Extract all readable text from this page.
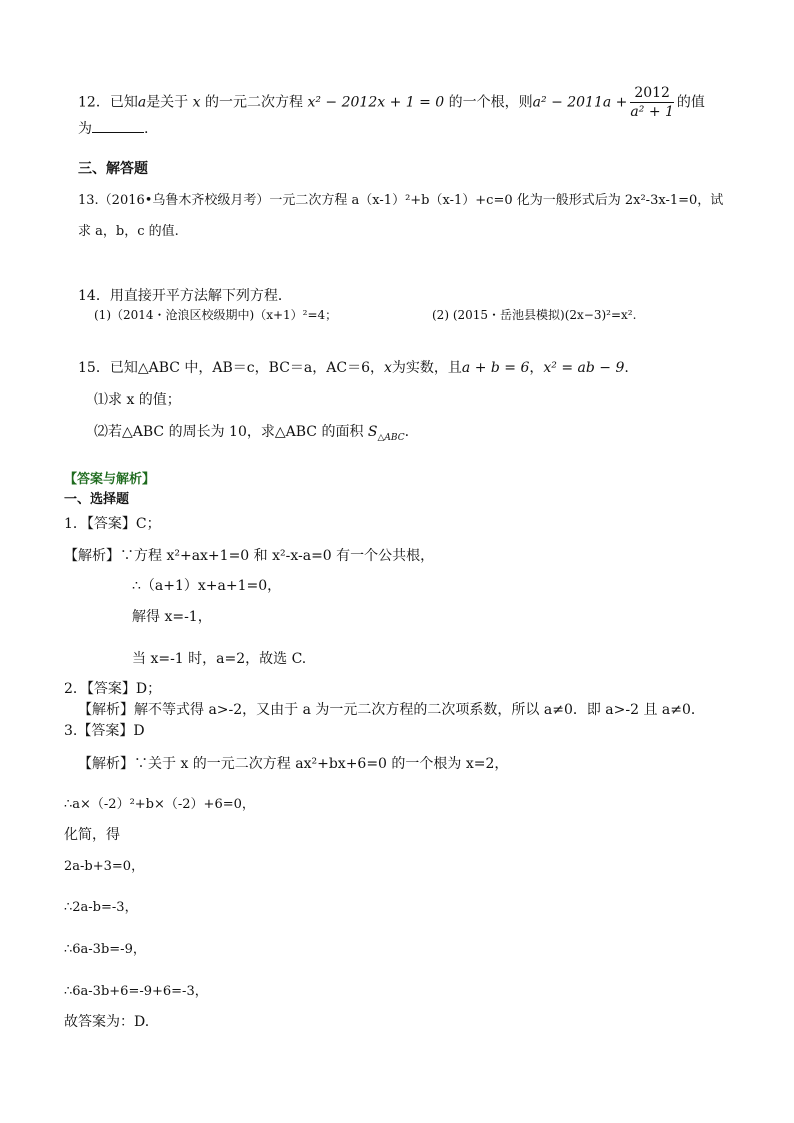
12．已知a是关于 x 的一元二次方程 x² − 2012x + 1 = 0 的一个根，则$a^2 - 2011a + \frac{2012}{\text{a² + 1}}$ 的值
为	.
三、解答题
13.（2016•乌鲁木齐校级月考）一元二次方程 a（x-1）²+b（x-1）+c=0 化为一般形式后为 2x²-3x-1=0，试
求 a，b，c 的值.
14．用直接开平方法解下列方程．
(1)（2014・沧浪区校级期中)（x+1）²=4；	(2) (2015・岳池县模拟)(2x−3)²=x².
15．已知△ABC 中，AB＝c，BC＝a，AC＝6，x为实数，且a + b = 6，x² = ab − 9.
⑴求 x 的值；
⑵若△ABC 的周长为 10，求△ABC 的面积 $S_{\triangle ABC}$.
【答案与解析】
一、选择题
1．【答案】C；
【解析】∵方程 x²+ax+1=0 和 x²-x-a=0 有一个公共根，
∴（a+1）x+a+1=0，
解得 x=-1，
当 x=-1 时，a=2，故选 C.
2．【答案】D；
【解析】解不等式得 a>-2，又由于 a 为一元二次方程的二次项系数，所以 a≠0．即 a>-2 且 a≠0．
3.【答案】D
【解析】∵关于 x 的一元二次方程 ax²+bx+6=0 的一个根为 x=2，
∴a×（-2）²+b×（-2）+6=0，
化简，得
2a-b+3=0，
∴2a-b=-3，
∴6a-3b=-9，
∴6a-3b+6=-9+6=-3，
故答案为：D.
